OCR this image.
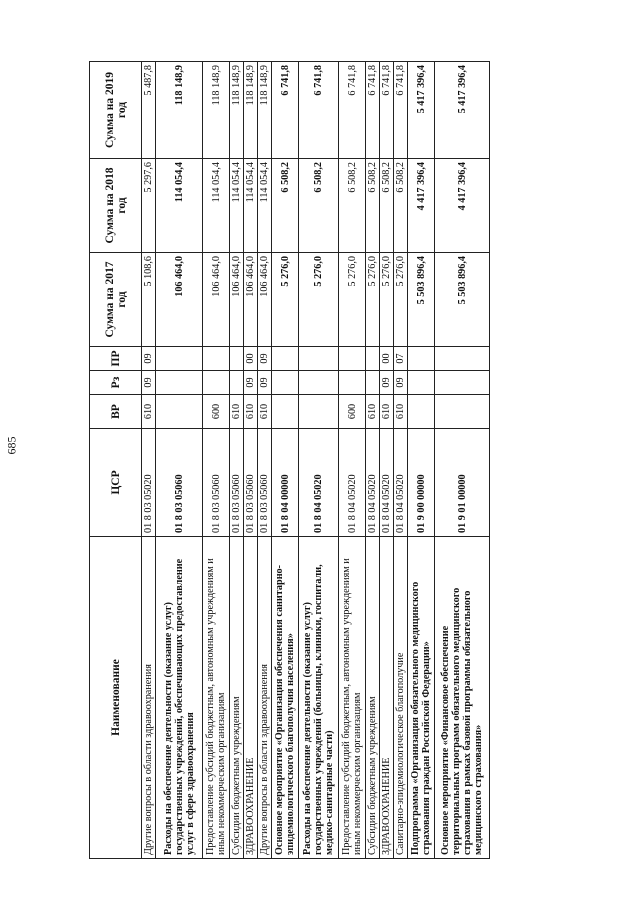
685
Наименование	ЦСР	ВР	Рз	ПР	Сумма на 2017 год	Сумма на 2018 год	Сумма на 2019 год
Другие вопросы в области здравоохранения	01 8 03 05020	610	09	09	5 108,6	5 297,6	5 487,8
Расходы на обеспечение деятельности (оказание услуг) государственных учреждений, обеспечивающих предоставление услуг в сфере здравоохранения	01 8 03 05060				106 464,0	114 054,4	118 148,9
Предоставление субсидий бюджетным, автономным учреждениям и иным некоммерческим организациям	01 8 03 05060	600			106 464,0	114 054,4	118 148,9
Субсидии бюджетным учреждениям	01 8 03 05060	610			106 464,0	114 054,4	118 148,9
ЗДРАВООХРАНЕНИЕ	01 8 03 05060	610	09	00	106 464,0	114 054,4	118 148,9
Другие вопросы в области здравоохранения	01 8 03 05060	610	09	09	106 464,0	114 054,4	118 148,9
Основное мероприятие «Организация обеспечения санитарно-эпидемиологического благополучия населения»	01 8 04 00000				5 276,0	6 508,2	6 741,8
Расходы на обеспечение деятельности (оказание услуг) государственных учреждений (больницы, клиники, госпитали, медико-санитарные части)	01 8 04 05020				5 276,0	6 508,2	6 741,8
Предоставление субсидий бюджетным, автономным учреждениям и иным некоммерческим организациям	01 8 04 05020	600			5 276,0	6 508,2	6 741,8
Субсидии бюджетным учреждениям	01 8 04 05020	610			5 276,0	6 508,2	6 741,8
ЗДРАВООХРАНЕНИЕ	01 8 04 05020	610	09	00	5 276,0	6 508,2	6 741,8
Санитарно-эпидемиологическое благополучие	01 8 04 05020	610	09	07	5 276,0	6 508,2	6 741,8
Подпрограмма «Организация обязательного медицинского страхования граждан Российской Федерации»	01 9 00 00000				5 503 896,4	4 417 396,4	5 417 396,4
Основное мероприятие «Финансовое обеспечение территориальных программ обязательного медицинского страхования в рамках базовой программы обязательного медицинского страхования»	01 9 01 00000				5 503 896,4	4 417 396,4	5 417 396,4
